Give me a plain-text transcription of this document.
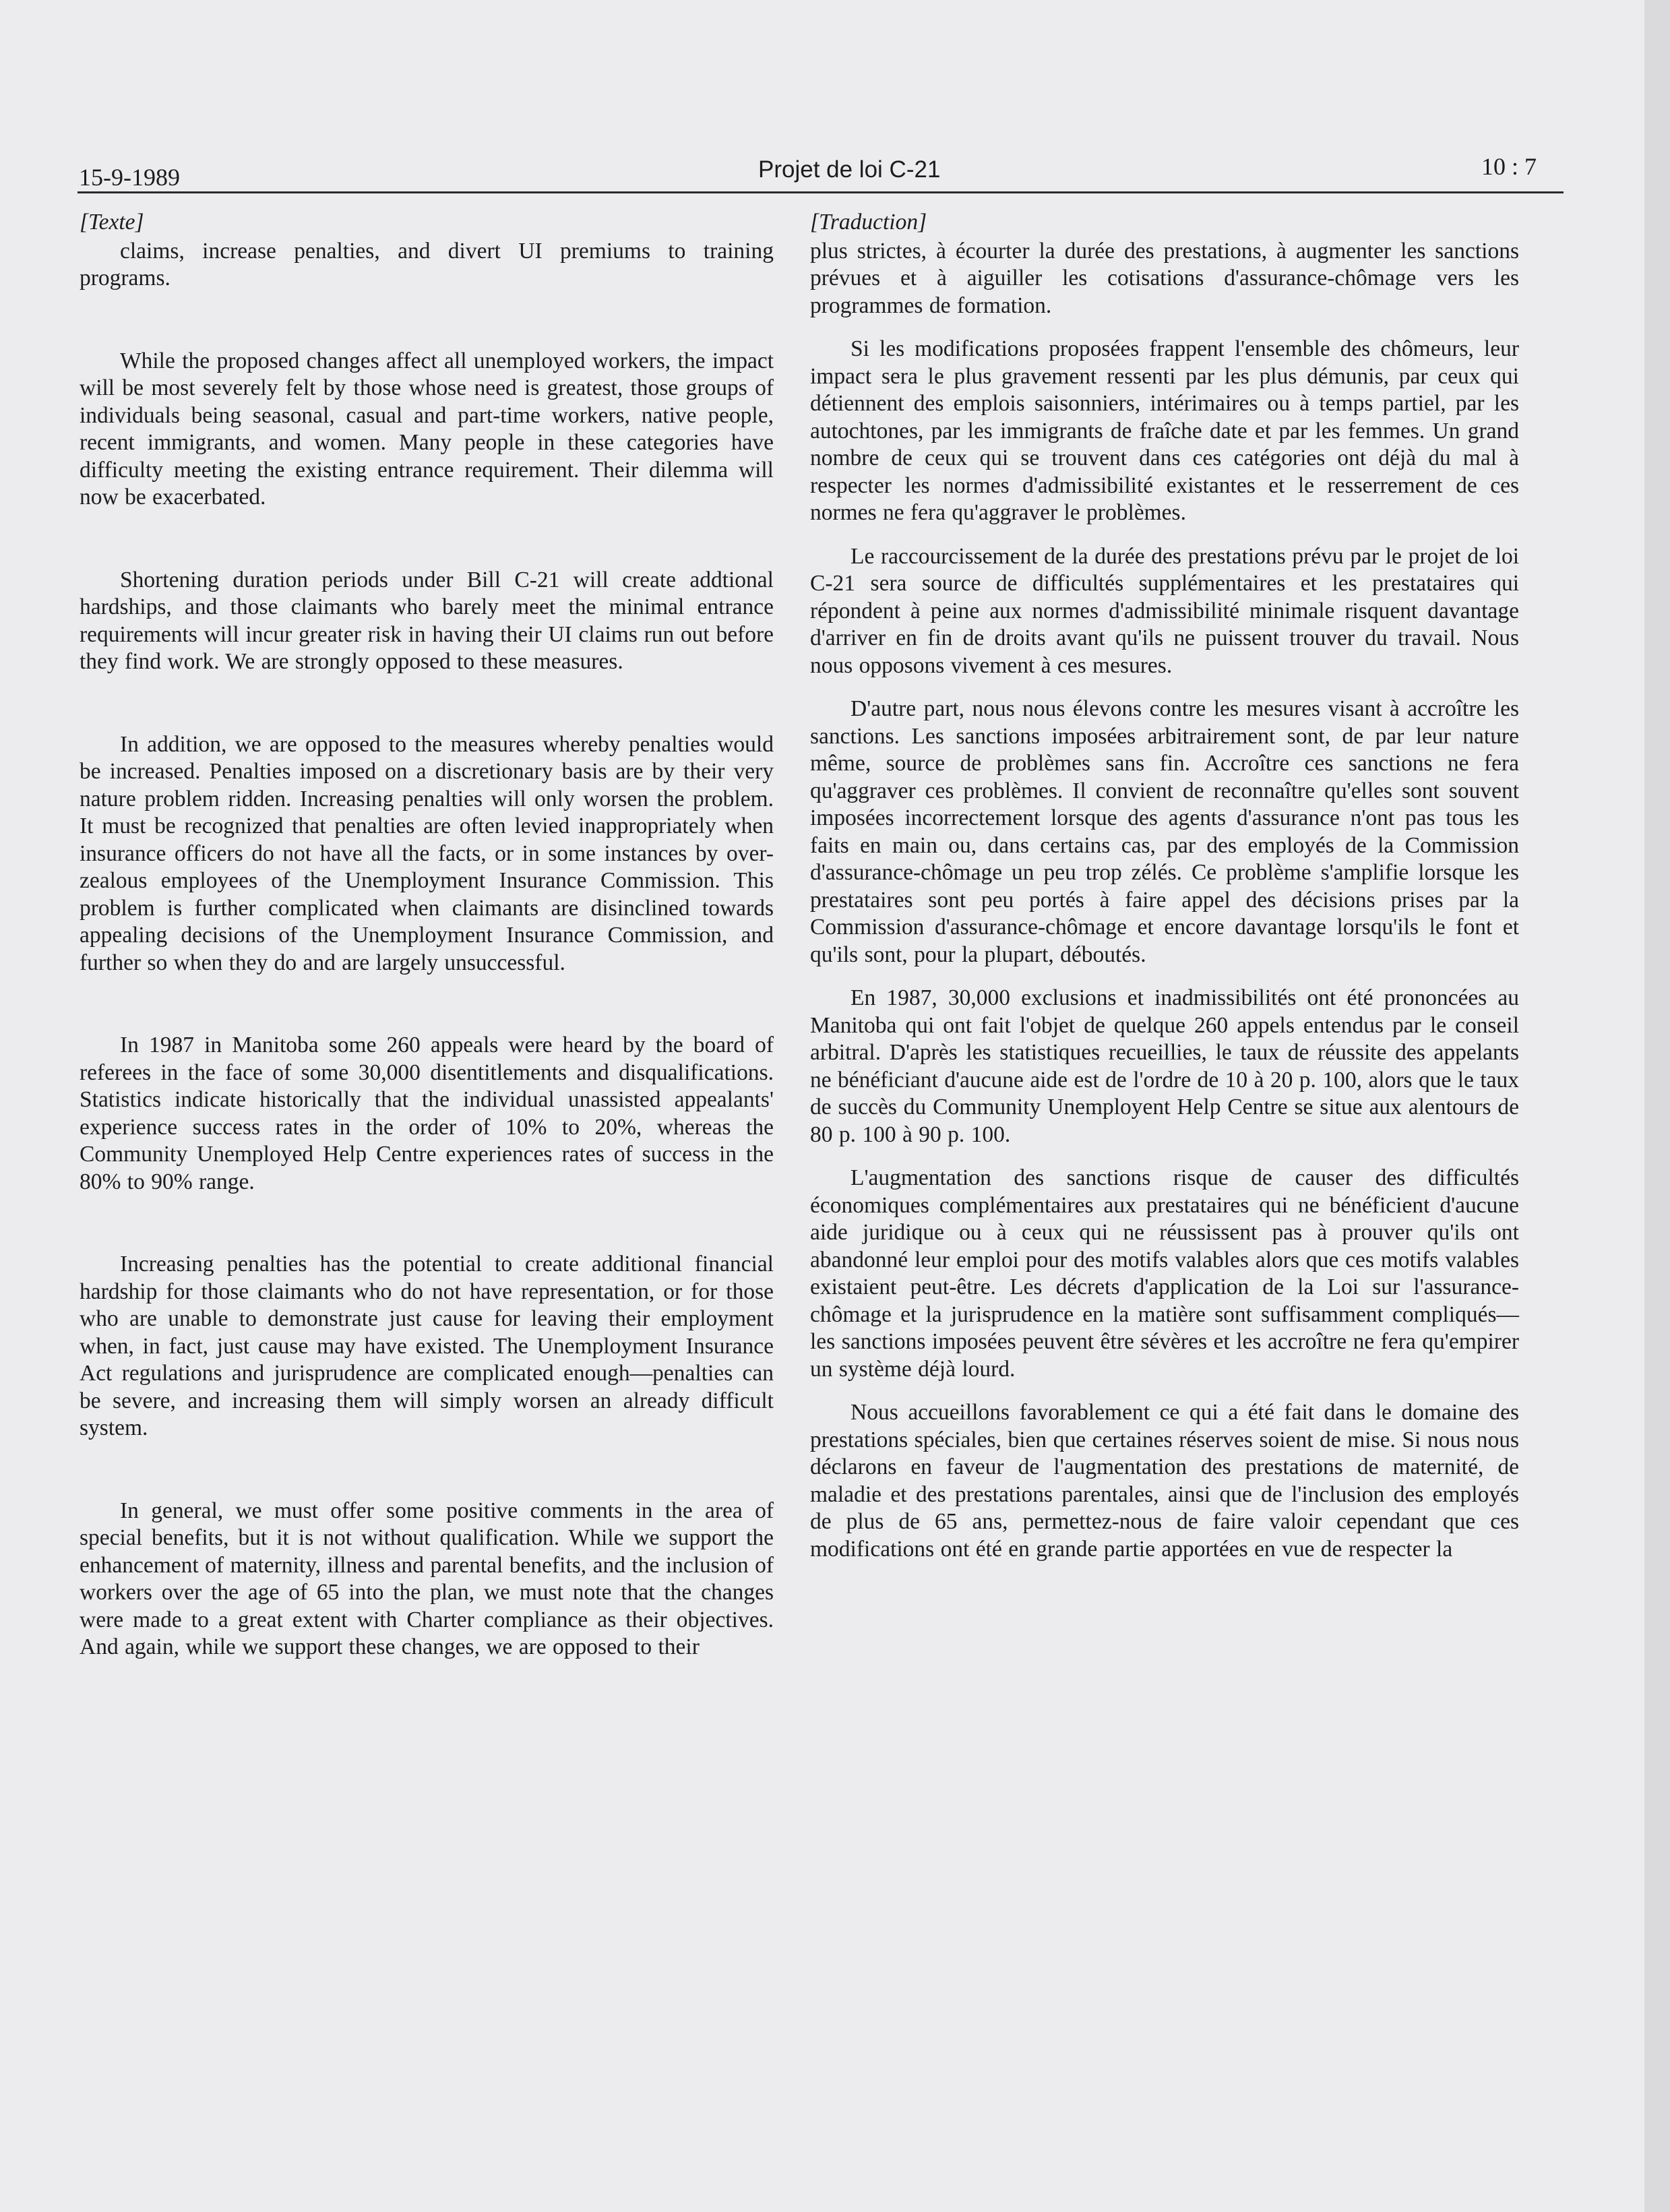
15-9-1989	Projet de loi C-21	10 : 7
[Texte]

claims, increase penalties, and divert UI premiums to training programs.

While the proposed changes affect all unemployed workers, the impact will be most severely felt by those whose need is greatest, those groups of individuals being seasonal, casual and part-time workers, native people, recent immigrants, and women. Many people in these categories have difficulty meeting the existing entrance requirement. Their dilemma will now be exacerbated.

Shortening duration periods under Bill C-21 will create addtional hardships, and those claimants who barely meet the minimal entrance requirements will incur greater risk in having their UI claims run out before they find work. We are strongly opposed to these measures.

In addition, we are opposed to the measures whereby penalties would be increased. Penalties imposed on a discretionary basis are by their very nature problem ridden. Increasing penalties will only worsen the problem. It must be recognized that penalties are often levied inappropriately when insurance officers do not have all the facts, or in some instances by over-zealous employees of the Unemployment Insurance Commission. This problem is further complicated when claimants are disinclined towards appealing decisions of the Unemployment Insurance Commission, and further so when they do and are largely unsuccessful.

In 1987 in Manitoba some 260 appeals were heard by the board of referees in the face of some 30,000 disentitlements and disqualifications. Statistics indicate historically that the individual unassisted appealants' experience success rates in the order of 10% to 20%, whereas the Community Unemployed Help Centre experiences rates of success in the 80% to 90% range.

Increasing penalties has the potential to create additional financial hardship for those claimants who do not have representation, or for those who are unable to demonstrate just cause for leaving their employment when, in fact, just cause may have existed. The Unemployment Insurance Act regulations and jurisprudence are complicated enough—penalties can be severe, and increasing them will simply worsen an already difficult system.

In general, we must offer some positive comments in the area of special benefits, but it is not without qualification. While we support the enhancement of maternity, illness and parental benefits, and the inclusion of workers over the age of 65 into the plan, we must note that the changes were made to a great extent with Charter compliance as their objectives. And again, while we support these changes, we are opposed to their

[Traduction]

plus strictes, à écourter la durée des prestations, à augmenter les sanctions prévues et à aiguiller les cotisations d'assurance-chômage vers les programmes de formation.

Si les modifications proposées frappent l'ensemble des chômeurs, leur impact sera le plus gravement ressenti par les plus démunis, par ceux qui détiennent des emplois saisonniers, intérimaires ou à temps partiel, par les autochtones, par les immigrants de fraîche date et par les femmes. Un grand nombre de ceux qui se trouvent dans ces catégories ont déjà du mal à respecter les normes d'admissibilité existantes et le resserrement de ces normes ne fera qu'aggraver le problèmes.

Le raccourcissement de la durée des prestations prévu par le projet de loi C-21 sera source de difficultés supplémentaires et les prestataires qui répondent à peine aux normes d'admissibilité minimale risquent davantage d'arriver en fin de droits avant qu'ils ne puissent trouver du travail. Nous nous opposons vivement à ces mesures.

D'autre part, nous nous élevons contre les mesures visant à accroître les sanctions. Les sanctions imposées arbitrairement sont, de par leur nature même, source de problèmes sans fin. Accroître ces sanctions ne fera qu'aggraver ces problèmes. Il convient de reconnaître qu'elles sont souvent imposées incorrectement lorsque des agents d'assurance n'ont pas tous les faits en main ou, dans certains cas, par des employés de la Commission d'assurance-chômage un peu trop zélés. Ce problème s'amplifie lorsque les prestataires sont peu portés à faire appel des décisions prises par la Commission d'assurance-chômage et encore davantage lorsqu'ils le font et qu'ils sont, pour la plupart, déboutés.

En 1987, 30,000 exclusions et inadmissibilités ont été prononcées au Manitoba qui ont fait l'objet de quelque 260 appels entendus par le conseil arbitral. D'après les statistiques recueillies, le taux de réussite des appelants ne bénéficiant d'aucune aide est de l'ordre de 10 à 20 p. 100, alors que le taux de succès du Community Unemployent Help Centre se situe aux alentours de 80 p. 100 à 90 p. 100.

L'augmentation des sanctions risque de causer des difficultés économiques complémentaires aux prestataires qui ne bénéficient d'aucune aide juridique ou à ceux qui ne réussissent pas à prouver qu'ils ont abandonné leur emploi pour des motifs valables alors que ces motifs valables existaient peut-être. Les décrets d'application de la Loi sur l'assurance-chômage et la jurisprudence en la matière sont suffisamment compliqués—les sanctions imposées peuvent être sévères et les accroître ne fera qu'empirer un système déjà lourd.

Nous accueillons favorablement ce qui a été fait dans le domaine des prestations spéciales, bien que certaines réserves soient de mise. Si nous nous déclarons en faveur de l'augmentation des prestations de maternité, de maladie et des prestations parentales, ainsi que de l'inclusion des employés de plus de 65 ans, permettez-nous de faire valoir cependant que ces modifications ont été en grande partie apportées en vue de respecter la
